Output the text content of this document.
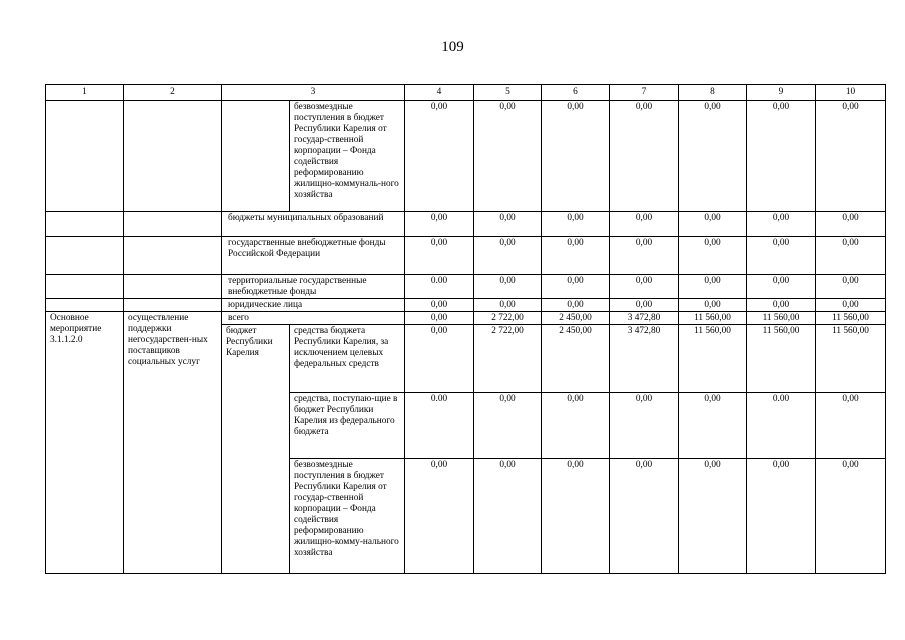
109
1	2	3		4	5	6	7	8	9	10
			безвозмездные поступления в бюджет Республики Карелия от государ-ственной корпорации – Фонда содействия реформированию жилищно-коммуналь-ного хозяйства	0,00	0,00	0,00	0,00	0,00	0,00	0,00
		бюджеты муниципальных образований		0,00	0,00	0,00	0,00	0,00	0,00	0,00
		государственные внебюджетные фонды Российской Федерации		0,00	0,00	0,00	0,00	0,00	0,00	0,00
		территориальные государственные внебюджетные фонды		0.00	0,00	0,00	0,00	0,00	0,00	0,00
		юридические лица		0,00	0,00	0,00	0,00	0,00	0,00	0,00
Основное мероприятие 3.1.1.2.0	осуществление поддержки негосударствен-ных поставщиков социальных услуг	всего		0,00	2 722,00	2 450,00	3 472,80	11 560,00	11 560,00	11 560,00
		бюджет Республики Карелия	средства бюджета Республики Карелия, за исключением целевых федеральных средств	0,00	2 722,00	2 450,00	3 472,80	11 560,00	11 560,00	11 560,00
			средства, поступаю-щие в бюджет Республики Карелия из федерального бюджета	0.00	0,00	0,00	0,00	0,00	0.00	0,00
			безвозмездные поступления в бюджет Республики Карелия от государ-ственной корпорации – Фонда содействия реформированию жилищно-комму-нального хозяйства	0,00	0,00	0,00	0,00	0,00	0,00	0,00
